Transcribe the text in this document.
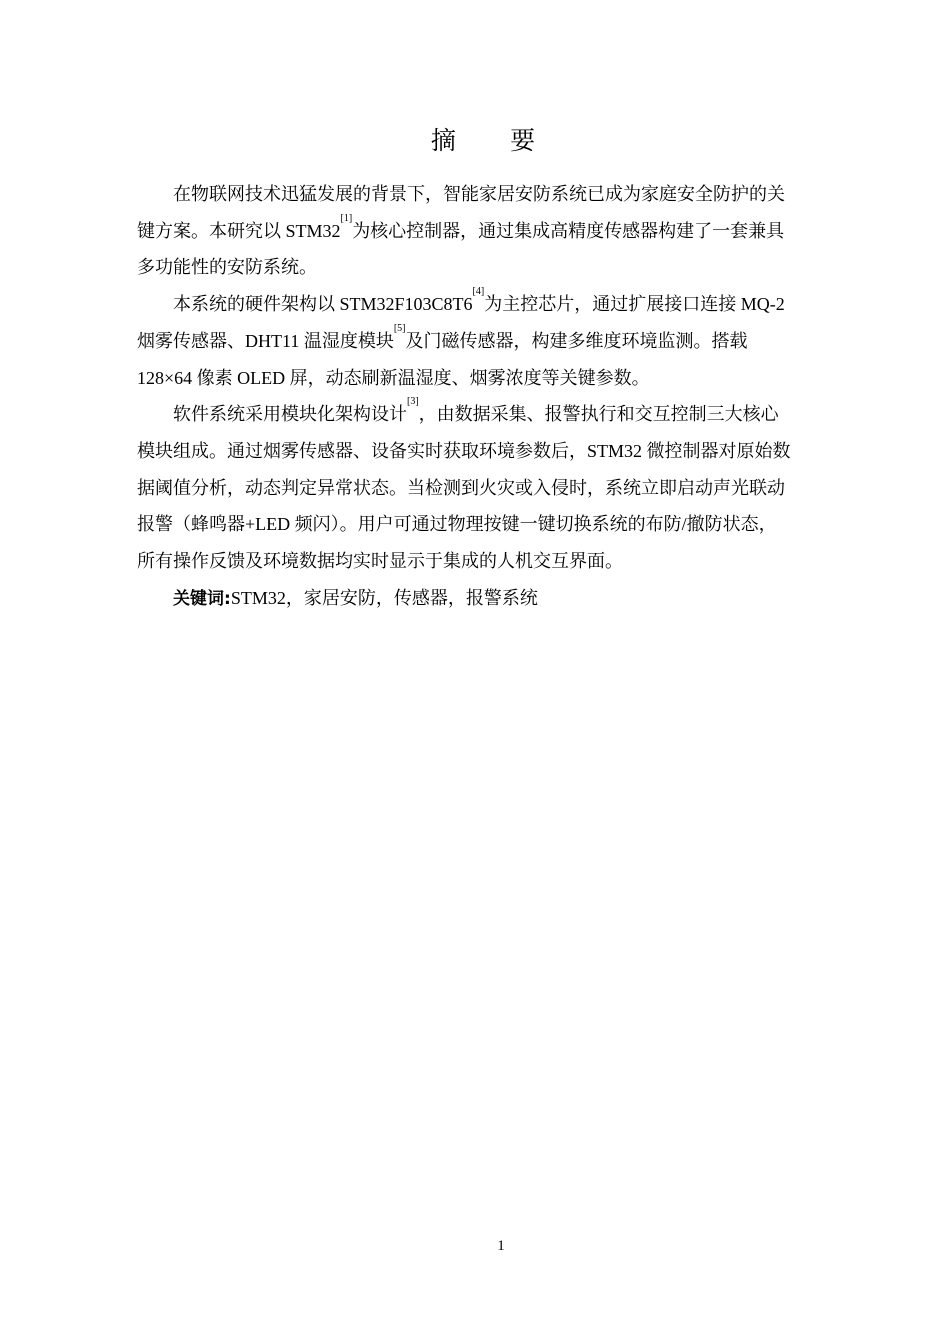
摘 要

在物联网技术迅猛发展的背景下，智能家居安防系统已成为家庭安全防护的关
键方案。本研究以 STM32[1]为核心控制器，通过集成高精度传感器构建了一套兼具
多功能性的安防系统。

本系统的硬件架构以 STM32F103C8T6[4]为主控芯片，通过扩展接口连接 MQ-2
烟雾传感器、DHT11 温湿度模块[5]及门磁传感器，构建多维度环境监测。搭载
128×64 像素 OLED 屏，动态刷新温湿度、烟雾浓度等关键参数。

软件系统采用模块化架构设计[3]，由数据采集、报警执行和交互控制三大核心
模块组成。通过烟雾传感器、设备实时获取环境参数后，STM32 微控制器对原始数
据阈值分析，动态判定异常状态。当检测到火灾或入侵时，系统立即启动声光联动
报警（蜂鸣器+LED 频闪）。用户可通过物理按键一键切换系统的布防/撤防状态，
所有操作反馈及环境数据均实时显示于集成的人机交互界面。

关键词:STM32，家居安防，传感器，报警系统

1
